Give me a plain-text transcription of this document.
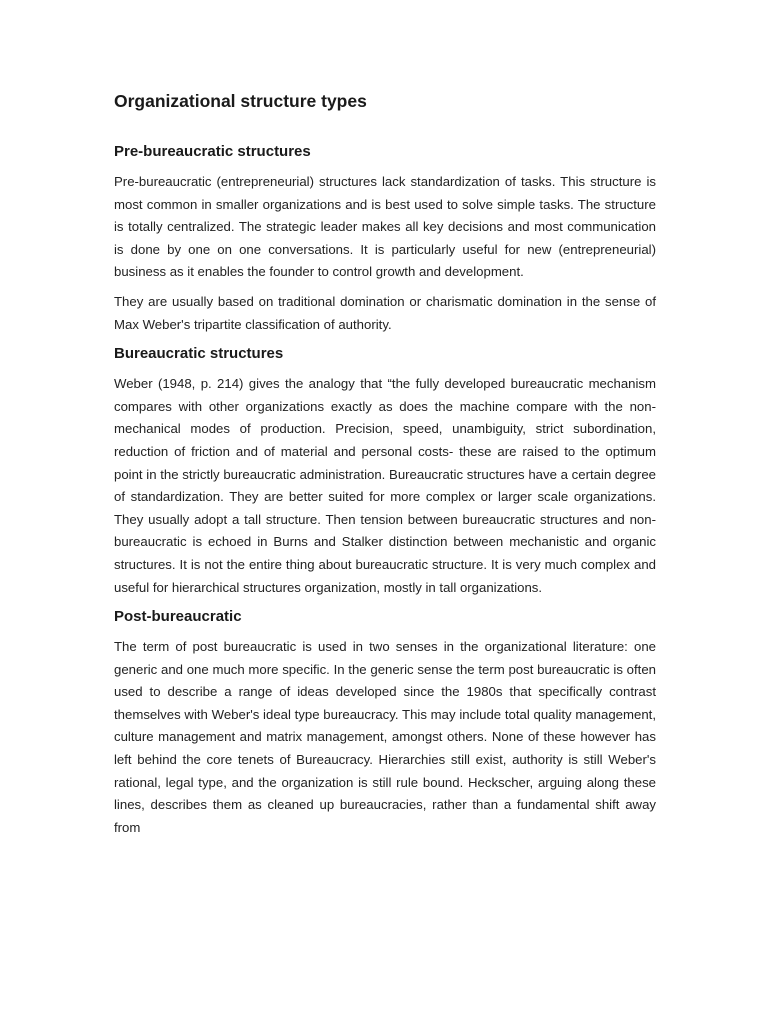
Organizational structure types
Pre-bureaucratic structures

Pre-bureaucratic (entrepreneurial) structures lack standardization of tasks. This structure is most common in smaller organizations and is best used to solve simple tasks. The structure is totally centralized. The strategic leader makes all key decisions and most communication is done by one on one conversations. It is particularly useful for new (entrepreneurial) business as it enables the founder to control growth and development.

They are usually based on traditional domination or charismatic domination in the sense of Max Weber's tripartite classification of authority.

Bureaucratic structures

Weber (1948, p. 214) gives the analogy that “the fully developed bureaucratic mechanism compares with other organizations exactly as does the machine compare with the non-mechanical modes of production. Precision, speed, unambiguity, strict subordination, reduction of friction and of material and personal costs- these are raised to the optimum point in the strictly bureaucratic administration. Bureaucratic structures have a certain degree of standardization. They are better suited for more complex or larger scale organizations. They usually adopt a tall structure. Then tension between bureaucratic structures and non-bureaucratic is echoed in Burns and Stalker distinction between mechanistic and organic structures. It is not the entire thing about bureaucratic structure. It is very much complex and useful for hierarchical structures organization, mostly in tall organizations.

Post-bureaucratic

The term of post bureaucratic is used in two senses in the organizational literature: one generic and one much more specific. In the generic sense the term post bureaucratic is often used to describe a range of ideas developed since the 1980s that specifically contrast themselves with Weber's ideal type bureaucracy. This may include total quality management, culture management and matrix management, amongst others. None of these however has left behind the core tenets of Bureaucracy. Hierarchies still exist, authority is still Weber's rational, legal type, and the organization is still rule bound. Heckscher, arguing along these lines, describes them as cleaned up bureaucracies, rather than a fundamental shift away from
